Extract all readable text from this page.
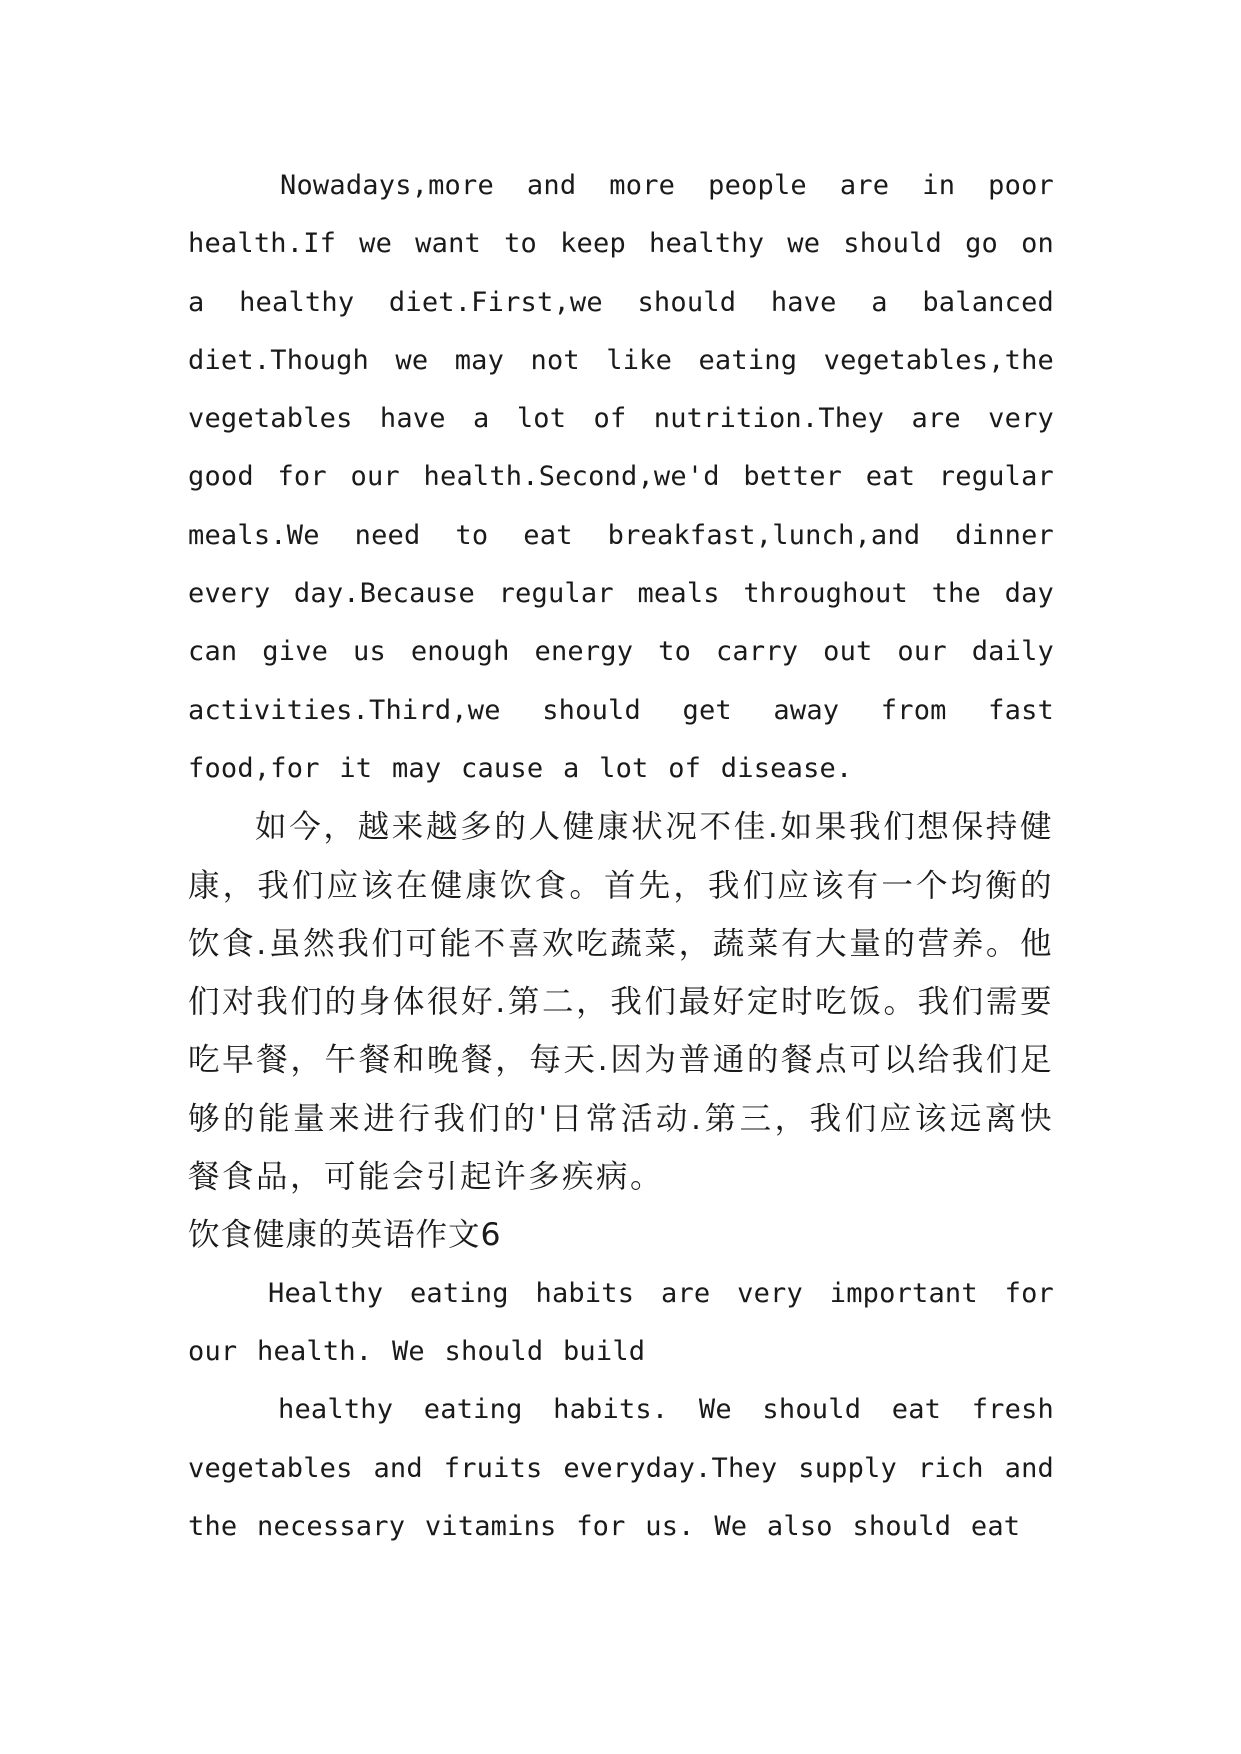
Nowadays,more and more people are in poor health.If we want to keep healthy we should go on a healthy diet.First,we should have a balanced diet.Though we may not like eating vegetables,the vegetables have a lot of nutrition.They are very good for our health.Second,we'd better eat regular meals.We need to eat breakfast,lunch,and dinner every day.Because regular meals throughout the day can give us enough energy to carry out our daily activities.Third,we should get away from fast food,for it may cause a lot of disease.

如今，越来越多的人健康状况不佳.如果我们想保持健康，我们应该在健康饮食。首先，我们应该有一个均衡的饮食.虽然我们可能不喜欢吃蔬菜，蔬菜有大量的营养。他们对我们的身体很好.第二，我们最好定时吃饭。我们需要吃早餐，午餐和晚餐，每天.因为普通的餐点可以给我们足够的能量来进行我们的'日常活动.第三，我们应该远离快餐食品，可能会引起许多疾病。

饮食健康的英语作文6

Healthy eating habits are very important for our health. We should build

healthy eating habits. We should eat fresh vegetables and fruits everyday.They supply rich and the necessary vitamins for us. We also should eat
